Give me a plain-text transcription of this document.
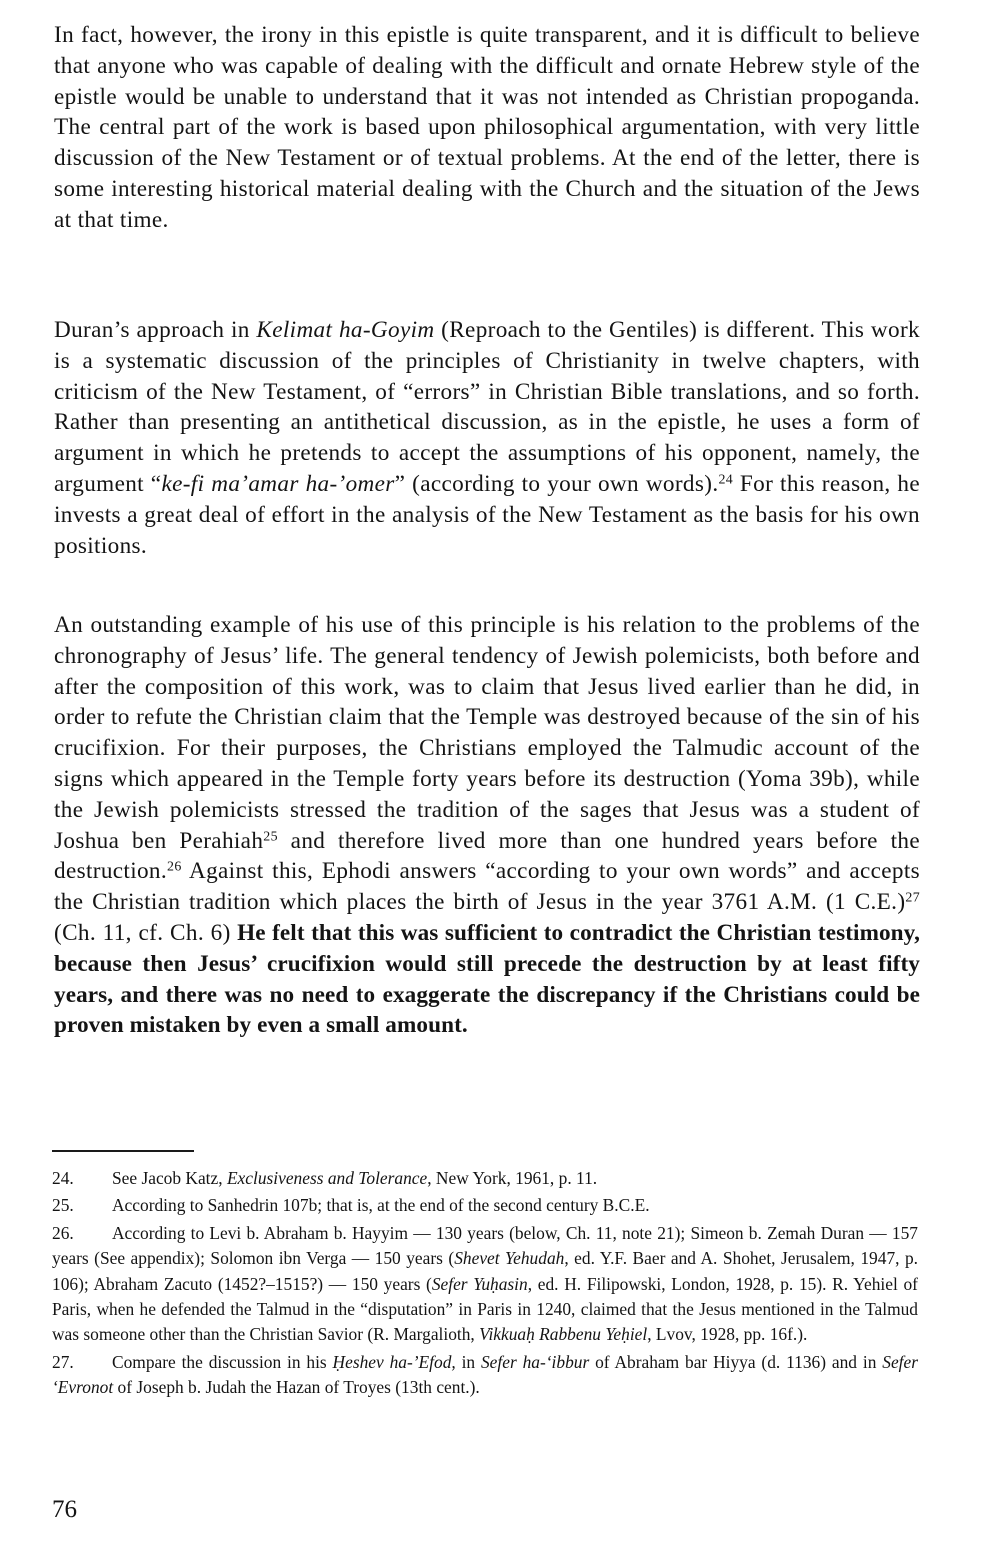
In fact, however, the irony in this epistle is quite transparent, and it is difficult to believe that anyone who was capable of dealing with the difficult and ornate Hebrew style of the epistle would be unable to understand that it was not intended as Christian propoganda. The central part of the work is based upon philosophical argumentation, with very little discussion of the New Testament or of textual problems. At the end of the letter, there is some interesting historical material dealing with the Church and the situation of the Jews at that time.

Duran’s approach in Kelimat ha-Goyim (Reproach to the Gentiles) is different. This work is a systematic discussion of the principles of Christianity in twelve chapters, with criticism of the New Testament, of “errors” in Christian Bible translations, and so forth. Rather than presenting an antithetical discussion, as in the epistle, he uses a form of argument in which he pretends to accept the assumptions of his opponent, namely, the argument “ke-fi ma’amar ha-’omer” (according to your own words).$^{24}$ For this reason, he invests a great deal of effort in the analysis of the New Testament as the basis for his own positions.

An outstanding example of his use of this principle is his relation to the problems of the chronography of Jesus’ life. The general tendency of Jewish polemicists, both before and after the composition of this work, was to claim that Jesus lived earlier than he did, in order to refute the Christian claim that the Temple was destroyed because of the sin of his crucifixion. For their purposes, the Christians employed the Talmudic account of the signs which appeared in the Temple forty years before its destruction (Yoma 39b), while the Jewish polemicists stressed the tradition of the sages that Jesus was a student of Joshua ben Perahiah$^{25}$ and therefore lived more than one hundred years before the destruction.$^{26}$ Against this, Ephodi answers “according to your own words” and accepts the Christian tradition which places the birth of Jesus in the year 3761 A.M. (1 C.E.)$^{27}$ (Ch. 11, cf. Ch. 6) He felt that this was sufficient to contradict the Christian testimony, because then Jesus’ crucifixion would still precede the destruction by at least fifty years, and there was no need to exaggerate the discrepancy if the Christians could be proven mistaken by even a small amount.

24. See Jacob Katz, Exclusiveness and Tolerance, New York, 1961, p. 11.
25. According to Sanhedrin 107b; that is, at the end of the second century B.C.E.
26. According to Levi b. Abraham b. Hayyim — 130 years (below, Ch. 11, note 21); Simeon b. Zemah Duran — 157 years (See appendix); Solomon ibn Verga — 150 years (Shevet Yehudah, ed. Y.F. Baer and A. Shohet, Jerusalem, 1947, p. 106); Abraham Zacuto (1452?–1515?) — 150 years (Sefer Yuḥasin, ed. H. Filipowski, London, 1928, p. 15). R. Yehiel of Paris, when he defended the Talmud in the “disputation” in Paris in 1240, claimed that the Jesus mentioned in the Talmud was someone other than the Christian Savior (R. Margalioth, Vikkuaḥ Rabbenu Yeḥiel, Lvov, 1928, pp. 16f.).
27. Compare the discussion in his Ḥeshev ha-’Efod, in Sefer ha-‘ibbur of Abraham bar Hiyya (d. 1136) and in Sefer ‘Evronot of Joseph b. Judah the Hazan of Troyes (13th cent.).
76
